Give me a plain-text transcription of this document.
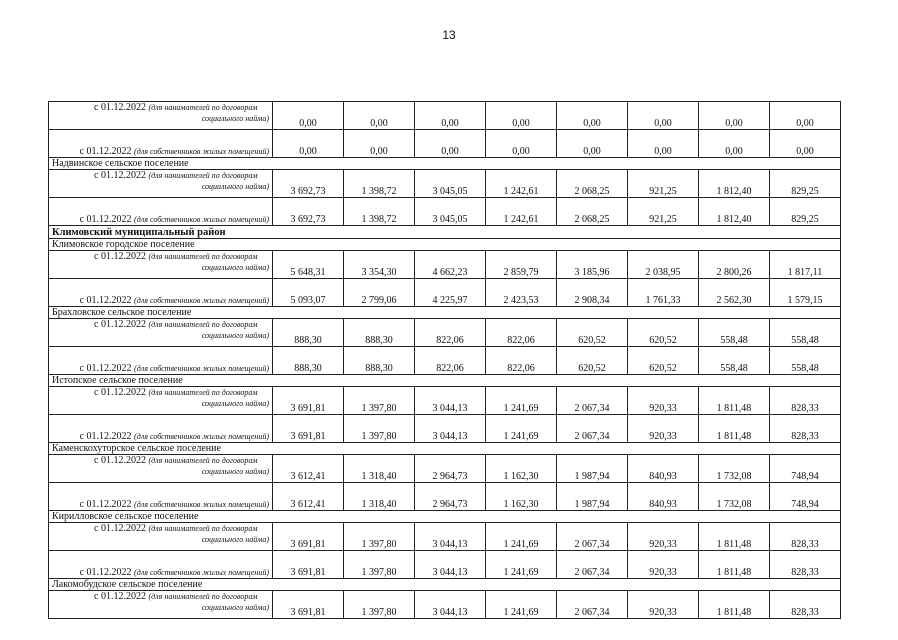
13
с 01.12.2022 (для нанимателей по договорам
социального найма)	0,00	0,00	0,00	0,00	0,00	0,00	0,00	0,00

с 01.12.2022 (для собственников жилых помещений)	0,00	0,00	0,00	0,00	0,00	0,00	0,00	0,00
Надвинское сельское поселение								

с 01.12.2022 (для нанимателей по договорам
социального найма)	3 692,73	1 398,72	3 045,05	1 242,61	2 068,25	921,25	1 812,40	829,25

с 01.12.2022 (для собственников жилых помещений)	3 692,73	1 398,72	3 045,05	1 242,61	2 068,25	921,25	1 812,40	829,25
Климовский муниципальный район								
Климовское городское поселение								

с 01.12.2022 (для нанимателей по договорам
социального найма)	5 648,31	3 354,30	4 662,23	2 859,79	3 185,96	2 038,95	2 800,26	1 817,11

с 01.12.2022 (для собственников жилых помещений)	5 093,07	2 799,06	4 225,97	2 423,53	2 908,34	1 761,33	2 562,30	1 579,15
Брахловское сельское поселение								

с 01.12.2022 (для нанимателей по договорам
социального найма)	888,30	888,30	822,06	822,06	620,52	620,52	558,48	558,48

с 01.12.2022 (для собственников жилых помещений)	888,30	888,30	822,06	822,06	620,52	620,52	558,48	558,48
Истопское сельское поселение								

с 01.12.2022 (для нанимателей по договорам
социального найма)	3 691,81	1 397,80	3 044,13	1 241,69	2 067,34	920,33	1 811,48	828,33

с 01.12.2022 (для собственников жилых помещений)	3 691,81	1 397,80	3 044,13	1 241,69	2 067,34	920,33	1 811,48	828,33
Каменскохуторское сельское поселение								

с 01.12.2022 (для нанимателей по договорам
социального найма)	3 612,41	1 318,40	2 964,73	1 162,30	1 987,94	840,93	1 732,08	748,94

с 01.12.2022 (для собственников жилых помещений)	3 612,41	1 318,40	2 964,73	1 162,30	1 987,94	840,93	1 732,08	748,94
Кирилловское сельское поселение								

с 01.12.2022 (для нанимателей по договорам
социального найма)	3 691,81	1 397,80	3 044,13	1 241,69	2 067,34	920,33	1 811,48	828,33

с 01.12.2022 (для собственников жилых помещений)	3 691,81	1 397,80	3 044,13	1 241,69	2 067,34	920,33	1 811,48	828,33
Лакомобудское сельское поселение								

с 01.12.2022 (для нанимателей по договорам
социального найма)	3 691,81	1 397,80	3 044,13	1 241,69	2 067,34	920,33	1 811,48	828,33
